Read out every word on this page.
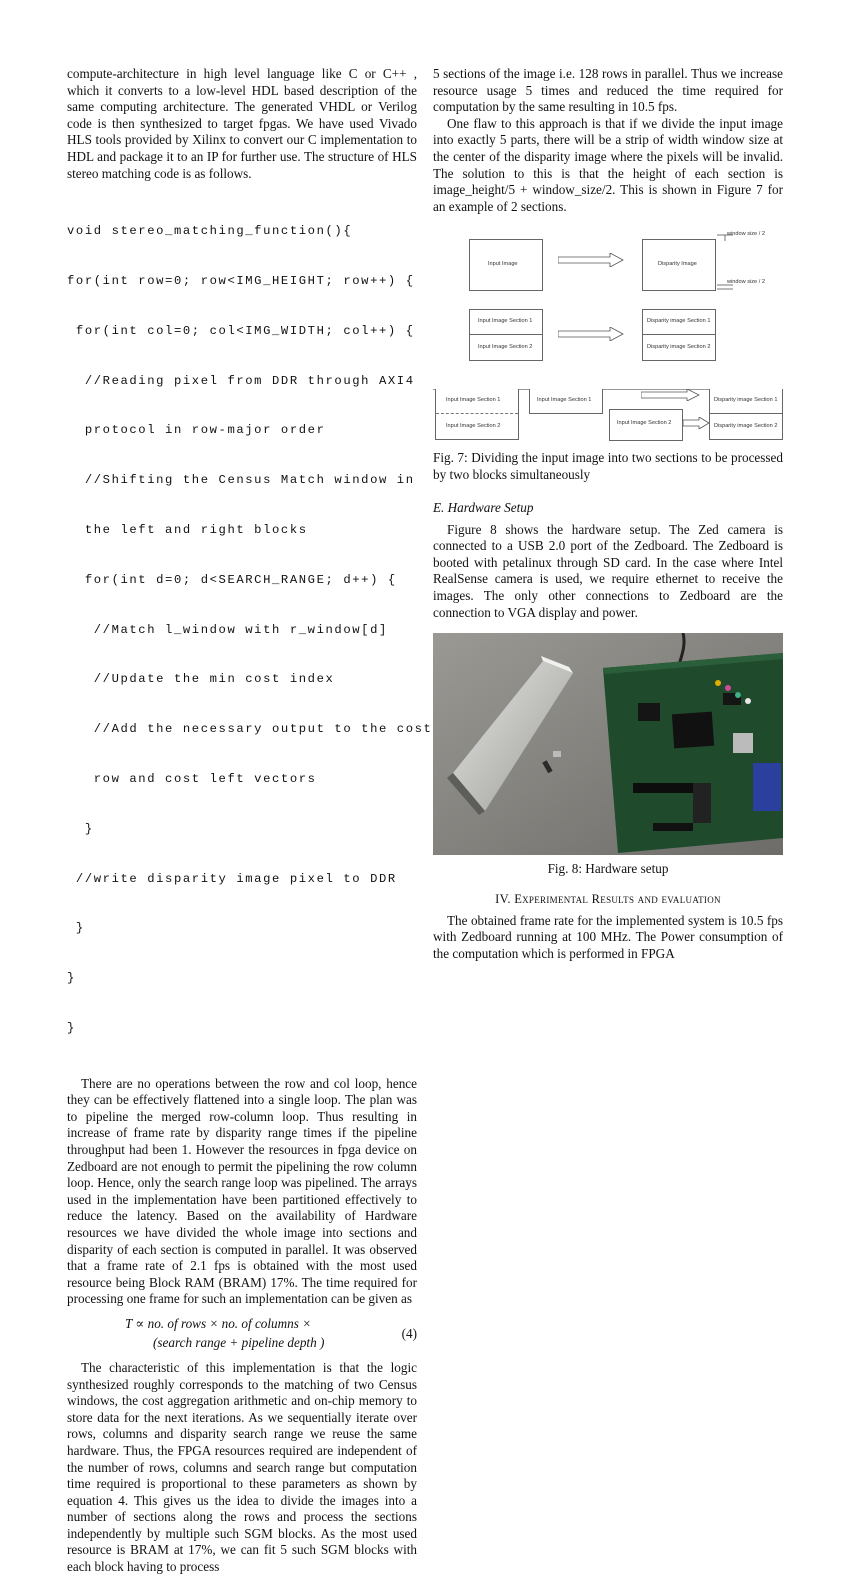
compute-architecture in high level language like C or C++ , which it converts to a low-level HDL based description of the same computing architecture. The generated VHDL or Verilog code is then synthesized to target fpgas. We have used Vivado HLS tools provided by Xilinx to convert our C implementation to HDL and package it to an IP for further use. The structure of HLS stereo matching code is as follows.

void stereo_matching_function(){

for(int row=0; row<IMG_HEIGHT; row++) {

for(int col=0; col<IMG_WIDTH; col++) {

//Reading pixel from DDR through AXI4

protocol in row-major order

//Shifting the Census Match window in

the left and right blocks

for(int d=0; d<SEARCH_RANGE; d++) {

//Match l_window with r_window[d]

//Update the min cost index

//Add the necessary output to the cost

row and cost left vectors

}

//write disparity image pixel to DDR

}

}

}

There are no operations between the row and col loop, hence they can be effectively flattened into a single loop. The plan was to pipeline the merged row-column loop. Thus resulting in increase of frame rate by disparity range times if the pipeline throughput had been 1. However the resources in fpga device on Zedboard are not enough to permit the pipelining the row column loop. Hence, only the search range loop was pipelined. The arrays used in the implementation have been partitioned effectively to reduce the latency. Based on the availability of Hardware resources we have divided the whole image into sections and disparity of each section is computed in parallel. It was observed that a frame rate of 2.1 fps is obtained with the most used resource being Block RAM (BRAM) 17%. The time required for processing one frame for such an implementation can be given as

T ∝ no. of rows × no. of columns ×
(search range + pipeline depth )
(4)

The characteristic of this implementation is that the logic synthesized roughly corresponds to the matching of two Census windows, the cost aggregation arithmetic and on-chip memory to store data for the next iterations. As we sequentially iterate over rows, columns and disparity search range we reuse the same hardware. Thus, the FPGA resources required are independent of the number of rows, columns and search range but computation time required is proportional to these parameters as shown by equation 4. This gives us the idea to divide the images into a number of sections along the rows and process the sections independently by multiple such SGM blocks. As the most used resource is BRAM at 17%, we can fit 5 such SGM blocks with each block having to process

5 sections of the image i.e. 128 rows in parallel. Thus we increase resource usage 5 times and reduced the time required for computation by the same resulting in 10.5 fps.

One flaw to this approach is that if we divide the input image into exactly 5 parts, there will be a strip of width window size at the center of the disparity image where the pixels will be invalid. The solution to this is that the height of each section is image_height/5 + window_size/2. This is shown in Figure 7 for an example of 2 sections.

Input Image	Disparity Image
window size / 2
window size / 2
Input Image Section 1
Input Image Section 2
Disparity image Section 1
Disparity image Section 2
Input Image Section 1
Input Image Section 2
Input Image Section 1
Input Image Section 2
Disparity image Section 1
Disparity image Section 2

Fig. 7: Dividing the input image into two sections to be processed by two blocks simultaneously

E. Hardware Setup

Figure 8 shows the hardware setup. The Zed camera is connected to a USB 2.0 port of the Zedboard. The Zedboard is booted with petalinux through SD card. In the case where Intel RealSense camera is used, we require ethernet to receive the images. The only other connections to Zedboard are the connection to VGA display and power.

Fig. 8: Hardware setup

IV. Experimental Results and evaluation

The obtained frame rate for the implemented system is 10.5 fps with Zedboard running at 100 MHz. The Power consumption of the computation which is performed in FPGA
